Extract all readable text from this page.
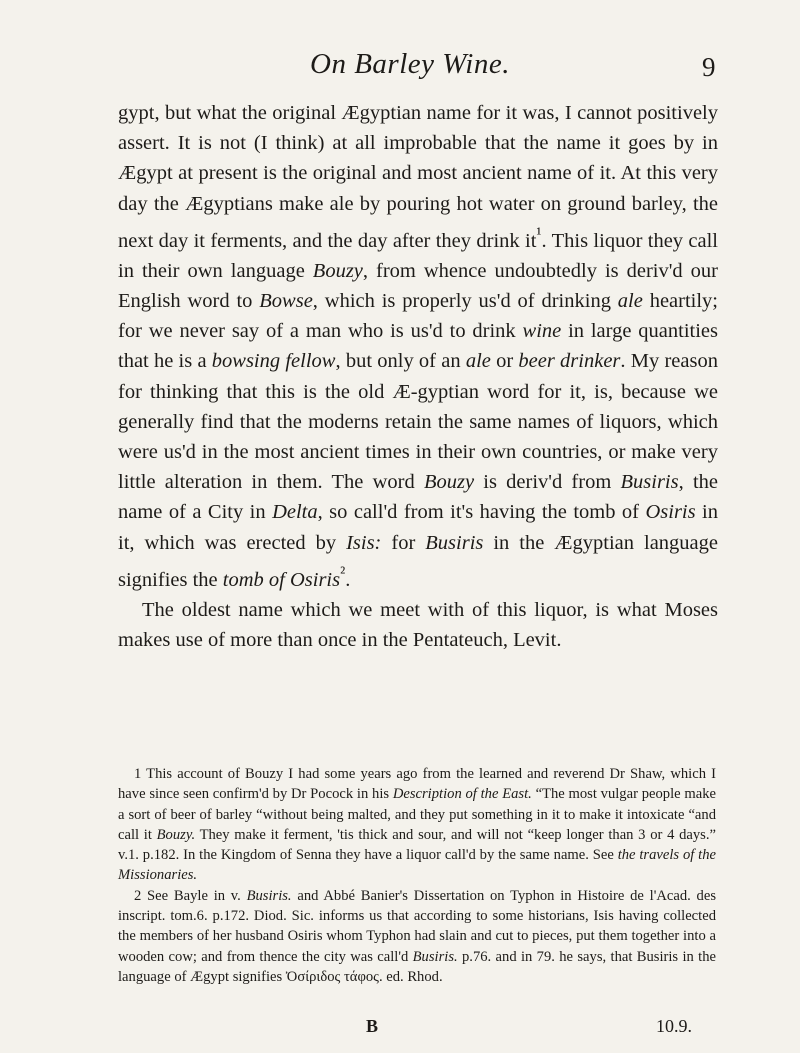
On Barley Wine.	9

gypt, but what the original Ægyptian name for it was, I cannot positively assert. It is not (I think) at all improbable that the name it goes by in Ægypt at present is the original and most ancient name of it. At this very day the Ægyptians make ale by pouring hot water on ground barley, the next day it ferments, and the day after they drink $it^{^1}$. This liquor they call in their own language Bouzy, from whence undoubtedly is deriv'd our English word to Bowse, which is properly us'd of drinking ale heartily; for we never say of a man who is us'd to drink wine in large quantities that he is a bowsing fellow, but only of an ale or beer drinker. My reason for thinking that this is the old Æ-gyptian word for it, is, because we generally find that the moderns retain the same names of liquors, which were us'd in the most ancient times in their own countries, or make very little alteration in them. The word Bouzy is deriv'd from Busiris, the name of a City in Delta, so call'd from it's having the tomb of Osiris in it, which was erected by Isis: for Busiris in the Ægyptian language signifies the tomb of Osiris$^{^2}$.

The oldest name which we meet with of this liquor, is what Moses makes use of more than once in the Pentateuch, Levit.

1 This account of Bouzy I had some years ago from the learned and reverend Dr Shaw, which I have since seen confirm'd by Dr Pocock in his Description of the East. “The most vulgar people make a sort of beer of barley “without being malted, and they put something in it to make it intoxicate “and call it Bouzy. They make it ferment, 'tis thick and sour, and will not “keep longer than 3 or 4 days.” v.1. p.182. In the Kingdom of Senna they have a liquor call'd by the same name. See the travels of the Missionaries.

2 See Bayle in v. Busiris. and Abbé Banier's Dissertation on Typhon in Histoire de l'Acad. des inscript. tom.6. p.172. Diod. Sic. informs us that according to some historians, Isis having collected the members of her husband Osiris whom Typhon had slain and cut to pieces, put them together into a wooden cow; and from thence the city was call'd Busiris. p.76. and in 79. he says, that Busiris in the language of Ægypt signifies Ὀσίριδος τάφος. ed. Rhod.

B	10.9.
